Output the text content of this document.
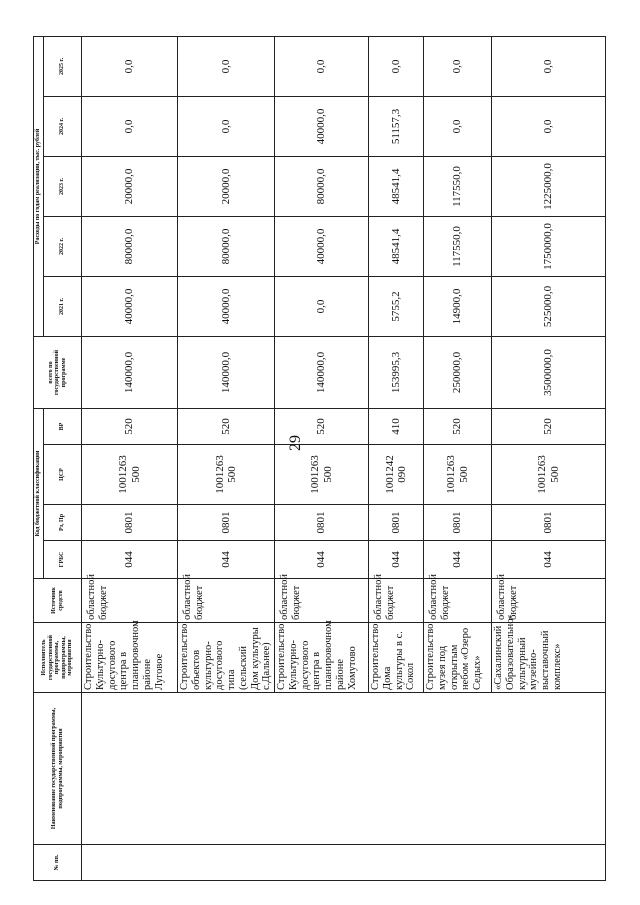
29
№ пп.	Наименование государственной программы, подпрограммы, мероприятия	Исполнитель государственной программы, подпрограммы, мероприятия	Источник средств	Код бюджетной классификации				всего по государственной программе	Расходы по годам реализации, тыс. рублей				
				ГРБС	Рз, Пр	ЦСР	ВР		2021 г.	2022 г.	2023 г.	2024 г.	2025 г.
		Строительство Культурно-досугового центра в планировочном районе Луговое	областной бюджет	044	0801	1001263 500	520	140000,0	40000,0	80000,0	20000,0	0,0	0,0
		Строительство объектов культурно-досугового типа (сельский Дом культуры с.Дальнее)	областной бюджет	044	0801	1001263 500	520	140000,0	40000,0	80000,0	20000,0	0,0	0,0
		Строительство Культурно-досугового центра в планировочном районе Хомутово	областной бюджет	044	0801	1001263 500	520	140000,0	0,0	40000,0	80000,0	40000,0	0,0
		Строительство Дома культуры в с. Сокол	областной бюджет	044	0801	1001242 090	410	153995,3	5755,2	48541,4	48541,4	51157,3	0,0
		Строительство музея под открытым небом «Озеро Седых»	областной бюджет	044	0801	1001263 500	520	250000,0	14900,0	117550,0	117550,0	0,0	0,0
		«Сахалинский Образовательно-культурный музейно-выставочный комплекс»	областной бюджет	044	0801	1001263 500	520	3500000,0	525000,0	1750000,0	1225000,0	0,0	0,0
